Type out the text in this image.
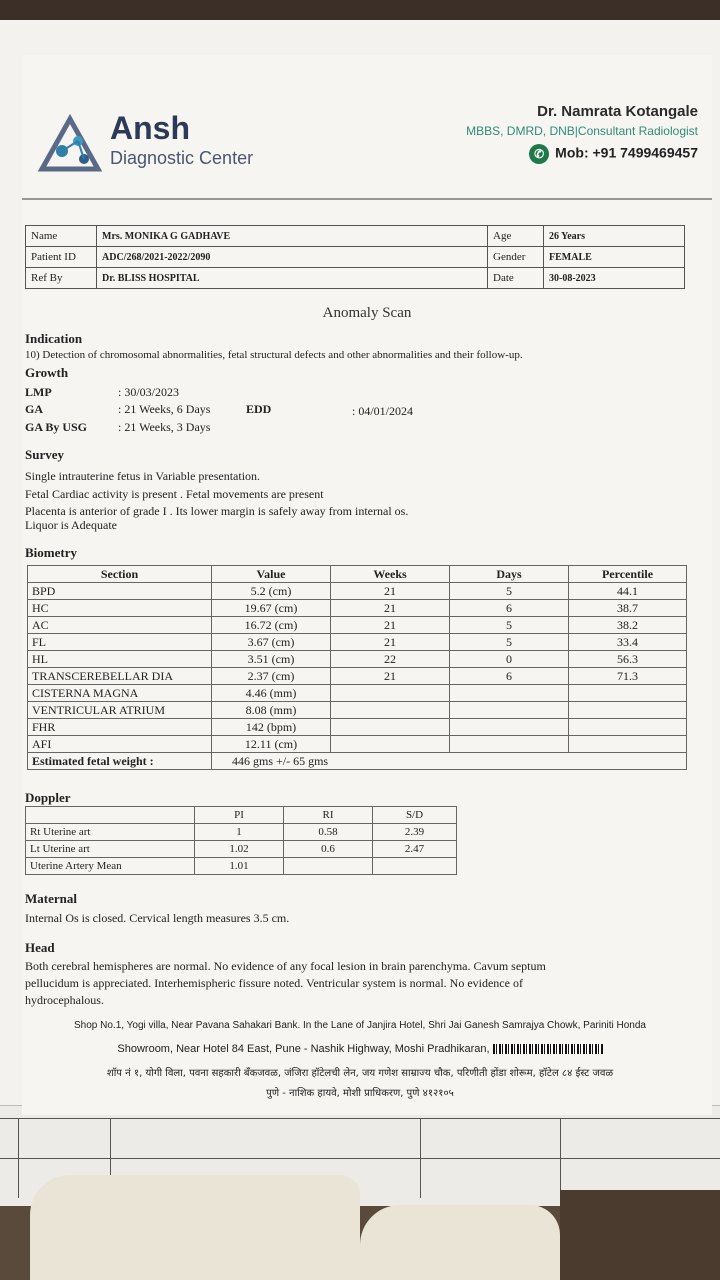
Ansh
Diagnostic Center
Dr. Namrata Kotangale
MBBS, DMRD, DNB|Consultant Radiologist
✆ Mob: +91 7499469457
Name	Mrs. MONIKA G GADHAVE	Age	26 Years
Patient ID	ADC/268/2021-2022/2090	Gender	FEMALE
Ref By	Dr. BLISS HOSPITAL	Date	30-08-2023
Anomaly Scan
Indication
10) Detection of chromosomal abnormalities, fetal structural defects and other abnormalities and their follow-up.
Growth
LMP	: 30/03/2023
GA	: 21 Weeks, 6 Days	EDD	: 04/01/2024
GA By USG	: 21 Weeks, 3 Days
Survey
Single intrauterine fetus in Variable presentation.
Fetal Cardiac activity is present . Fetal movements are present
Placenta is anterior of grade I . Its lower margin is safely away from internal os.
Liquor is Adequate
Biometry
Section	Value	Weeks	Days	Percentile
BPD	5.2 (cm)	21	5	44.1
HC	19.67 (cm)	21	6	38.7
AC	16.72 (cm)	21	5	38.2
FL	3.67 (cm)	21	5	33.4
HL	3.51 (cm)	22	0	56.3
TRANSCEREBELLAR DIA	2.37 (cm)	21	6	71.3
CISTERNA MAGNA	4.46 (mm)			
VENTRICULAR ATRIUM	8.08 (mm)			
FHR	142 (bpm)			
AFI	12.11 (cm)			
Estimated fetal weight :	446 gms +/- 65 gms			
Doppler
	PI	RI	S/D
Rt Uterine art	1	0.58	2.39
Lt Uterine art	1.02	0.6	2.47
Uterine Artery Mean	1.01		
Maternal
Internal Os is closed. Cervical length measures 3.5 cm.
Head
Both cerebral hemispheres are normal. No evidence of any focal lesion in brain parenchyma. Cavum septum
pellucidum is appreciated. Interhemispheric fissure noted. Ventricular system is normal. No evidence of
hydrocephalous.
Shop No.1, Yogi villa, Near Pavana Sahakari Bank. In the Lane of Janjira Hotel, Shri Jai Ganesh Samrajya Chowk, Pariniti Honda
Showroom, Near Hotel 84 East, Pune - Nashik Highway, Moshi Pradhikaran,
शॉप नं १, योगी विला, पवना सहकारी बँकजवळ, जंजिरा हॉटेलची लेन, जय गणेश साम्राज्य चौक, परिणीती होंडा शोरूम, हॉटेल ८४ ईस्ट जवळ
पुणे - नाशिक हायवे, मोशी प्राधिकरण, पुणे ४१२१०५
